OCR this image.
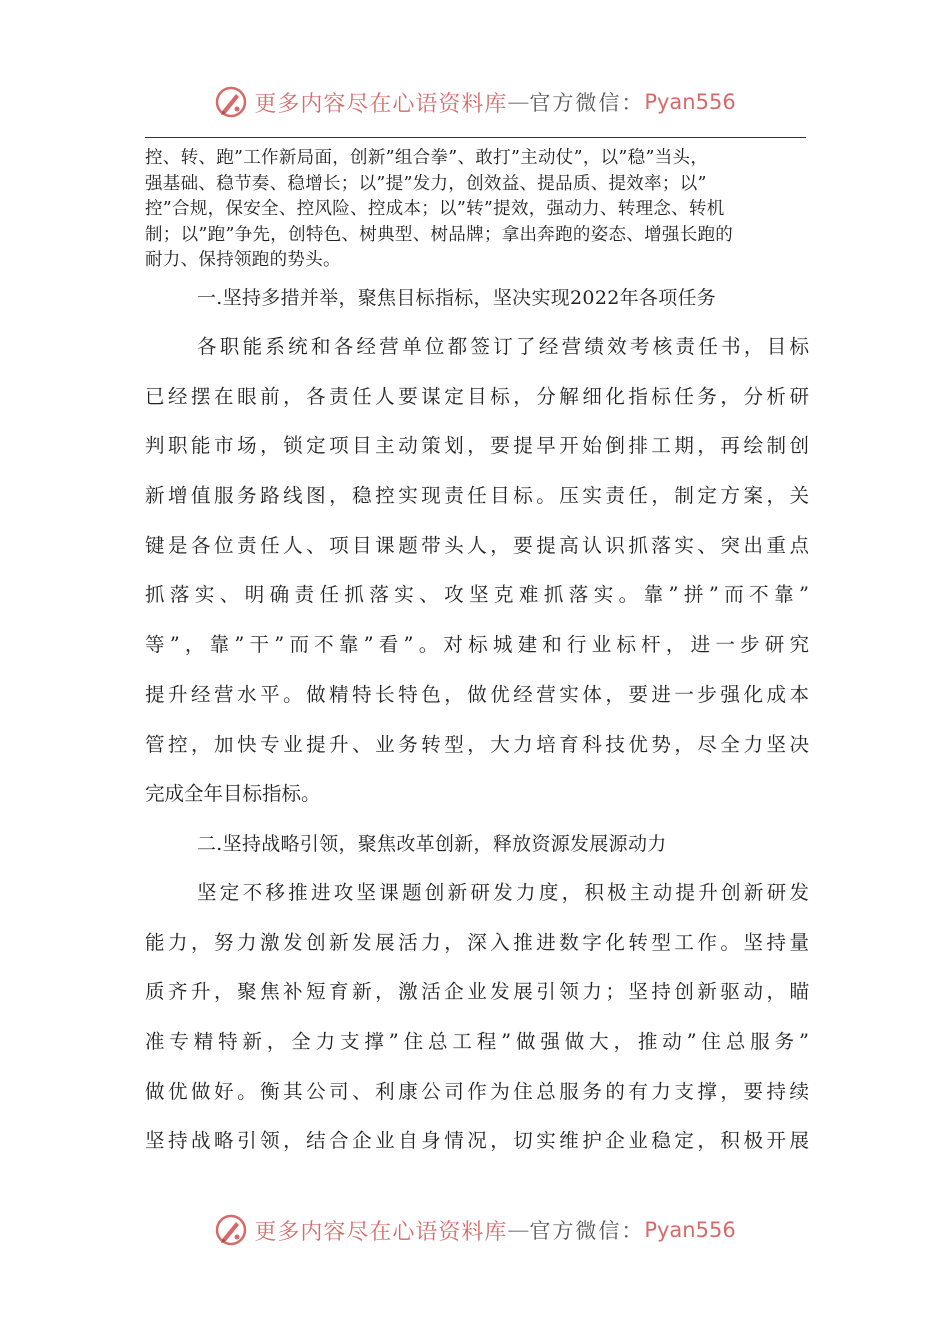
更多内容尽在心语资料库 — 官方微信： Pyan556
控、转、跑”工作新局面，创新”组合拳”、敢打”主动仗”，以”稳”当头，
强基础、稳节奏、稳增长；以”提”发力，创效益、提品质、提效率；以”
控”合规，保安全、控风险、控成本；以”转”提效，强动力、转理念、转机
制；以”跑”争先，创特色、树典型、树品牌；拿出奔跑的姿态、增强长跑的
耐力、保持领跑的势头。
一.坚持多措并举，聚焦目标指标，坚决实现2022年各项任务
各职能系统和各经营单位都签订了经营绩效考核责任书，目标
已经摆在眼前，各责任人要谋定目标，分解细化指标任务，分析研
判职能市场，锁定项目主动策划，要提早开始倒排工期，再绘制创
新增值服务路线图，稳控实现责任目标。压实责任，制定方案，关
键是各位责任人、项目课题带头人，要提高认识抓落实、突出重点
抓落实、明确责任抓落实、攻坚克难抓落实。靠”拼”而不靠”
等”，靠”干”而不靠”看”。对标城建和行业标杆，进一步研究
提升经营水平。做精特长特色，做优经营实体，要进一步强化成本
管控，加快专业提升、业务转型，大力培育科技优势，尽全力坚决
完成全年目标指标。
二.坚持战略引领，聚焦改革创新，释放资源发展源动力
坚定不移推进攻坚课题创新研发力度，积极主动提升创新研发
能力，努力激发创新发展活力，深入推进数字化转型工作。坚持量
质齐升，聚焦补短育新，激活企业发展引领力；坚持创新驱动，瞄
准专精特新，全力支撑”住总工程”做强做大，推动”住总服务”
做优做好。衡其公司、利康公司作为住总服务的有力支撑，要持续
坚持战略引领，结合企业自身情况，切实维护企业稳定，积极开展
更多内容尽在心语资料库 — 官方微信： Pyan556
